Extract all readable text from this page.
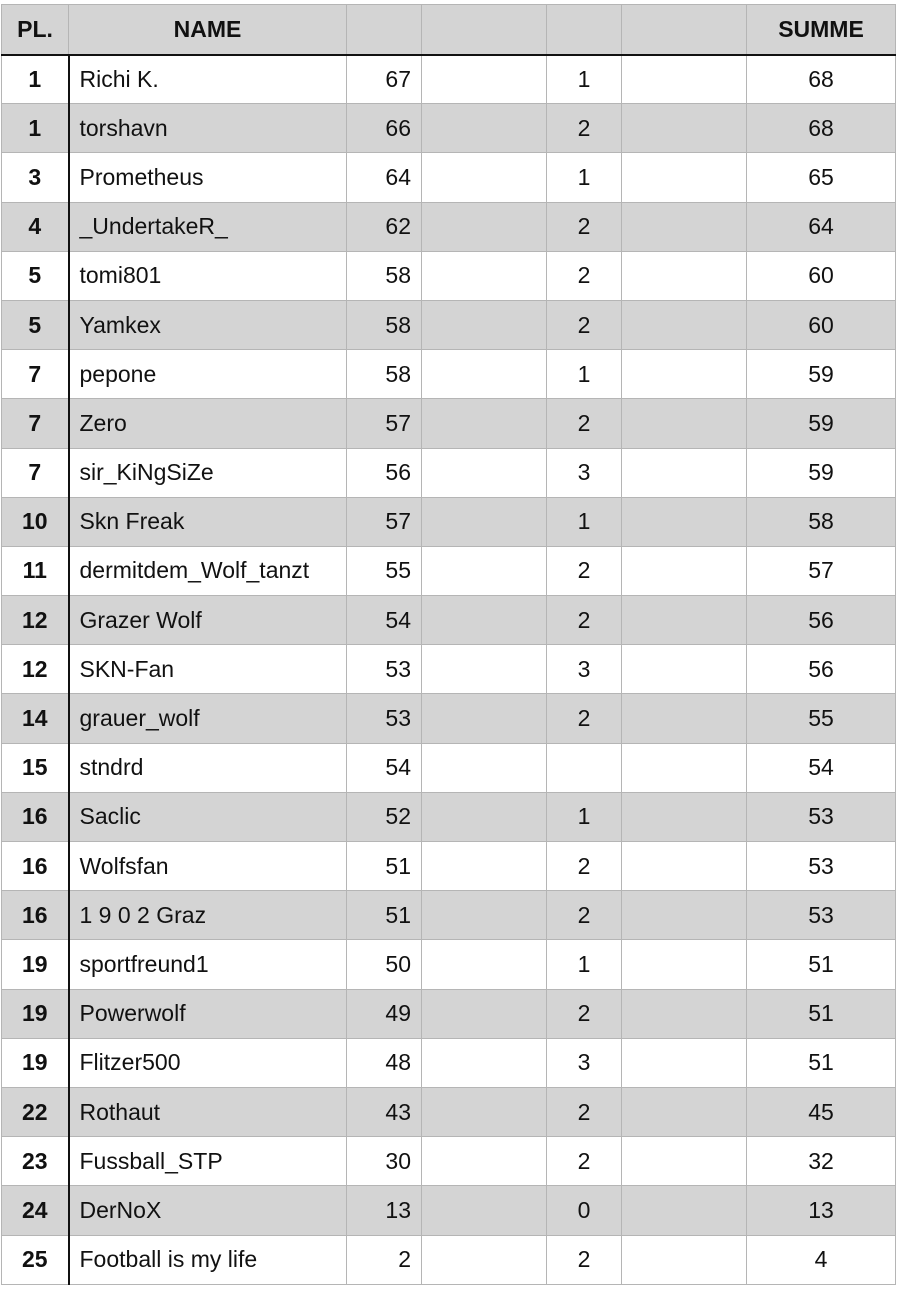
PL.	NAME					SUMME
1	Richi K.	67		1		68
1	torshavn	66		2		68
3	Prometheus	64		1		65
4	_UndertakeR_	62		2		64
5	tomi801	58		2		60
5	Yamkex	58		2		60
7	pepone	58		1		59
7	Zero	57		2		59
7	sir_KiNgSiZe	56		3		59
10	Skn Freak	57		1		58
11	dermitdem_Wolf_tanzt	55		2		57
12	Grazer Wolf	54		2		56
12	SKN-Fan	53		3		56
14	grauer_wolf	53		2		55
15	stndrd	54				54
16	Saclic	52		1		53
16	Wolfsfan	51		2		53
16	1 9 0 2 Graz	51		2		53
19	sportfreund1	50		1		51
19	Powerwolf	49		2		51
19	Flitzer500	48		3		51
22	Rothaut	43		2		45
23	Fussball_STP	30		2		32
24	DerNoX	13		0		13
25	Football is my life	2		2		4
